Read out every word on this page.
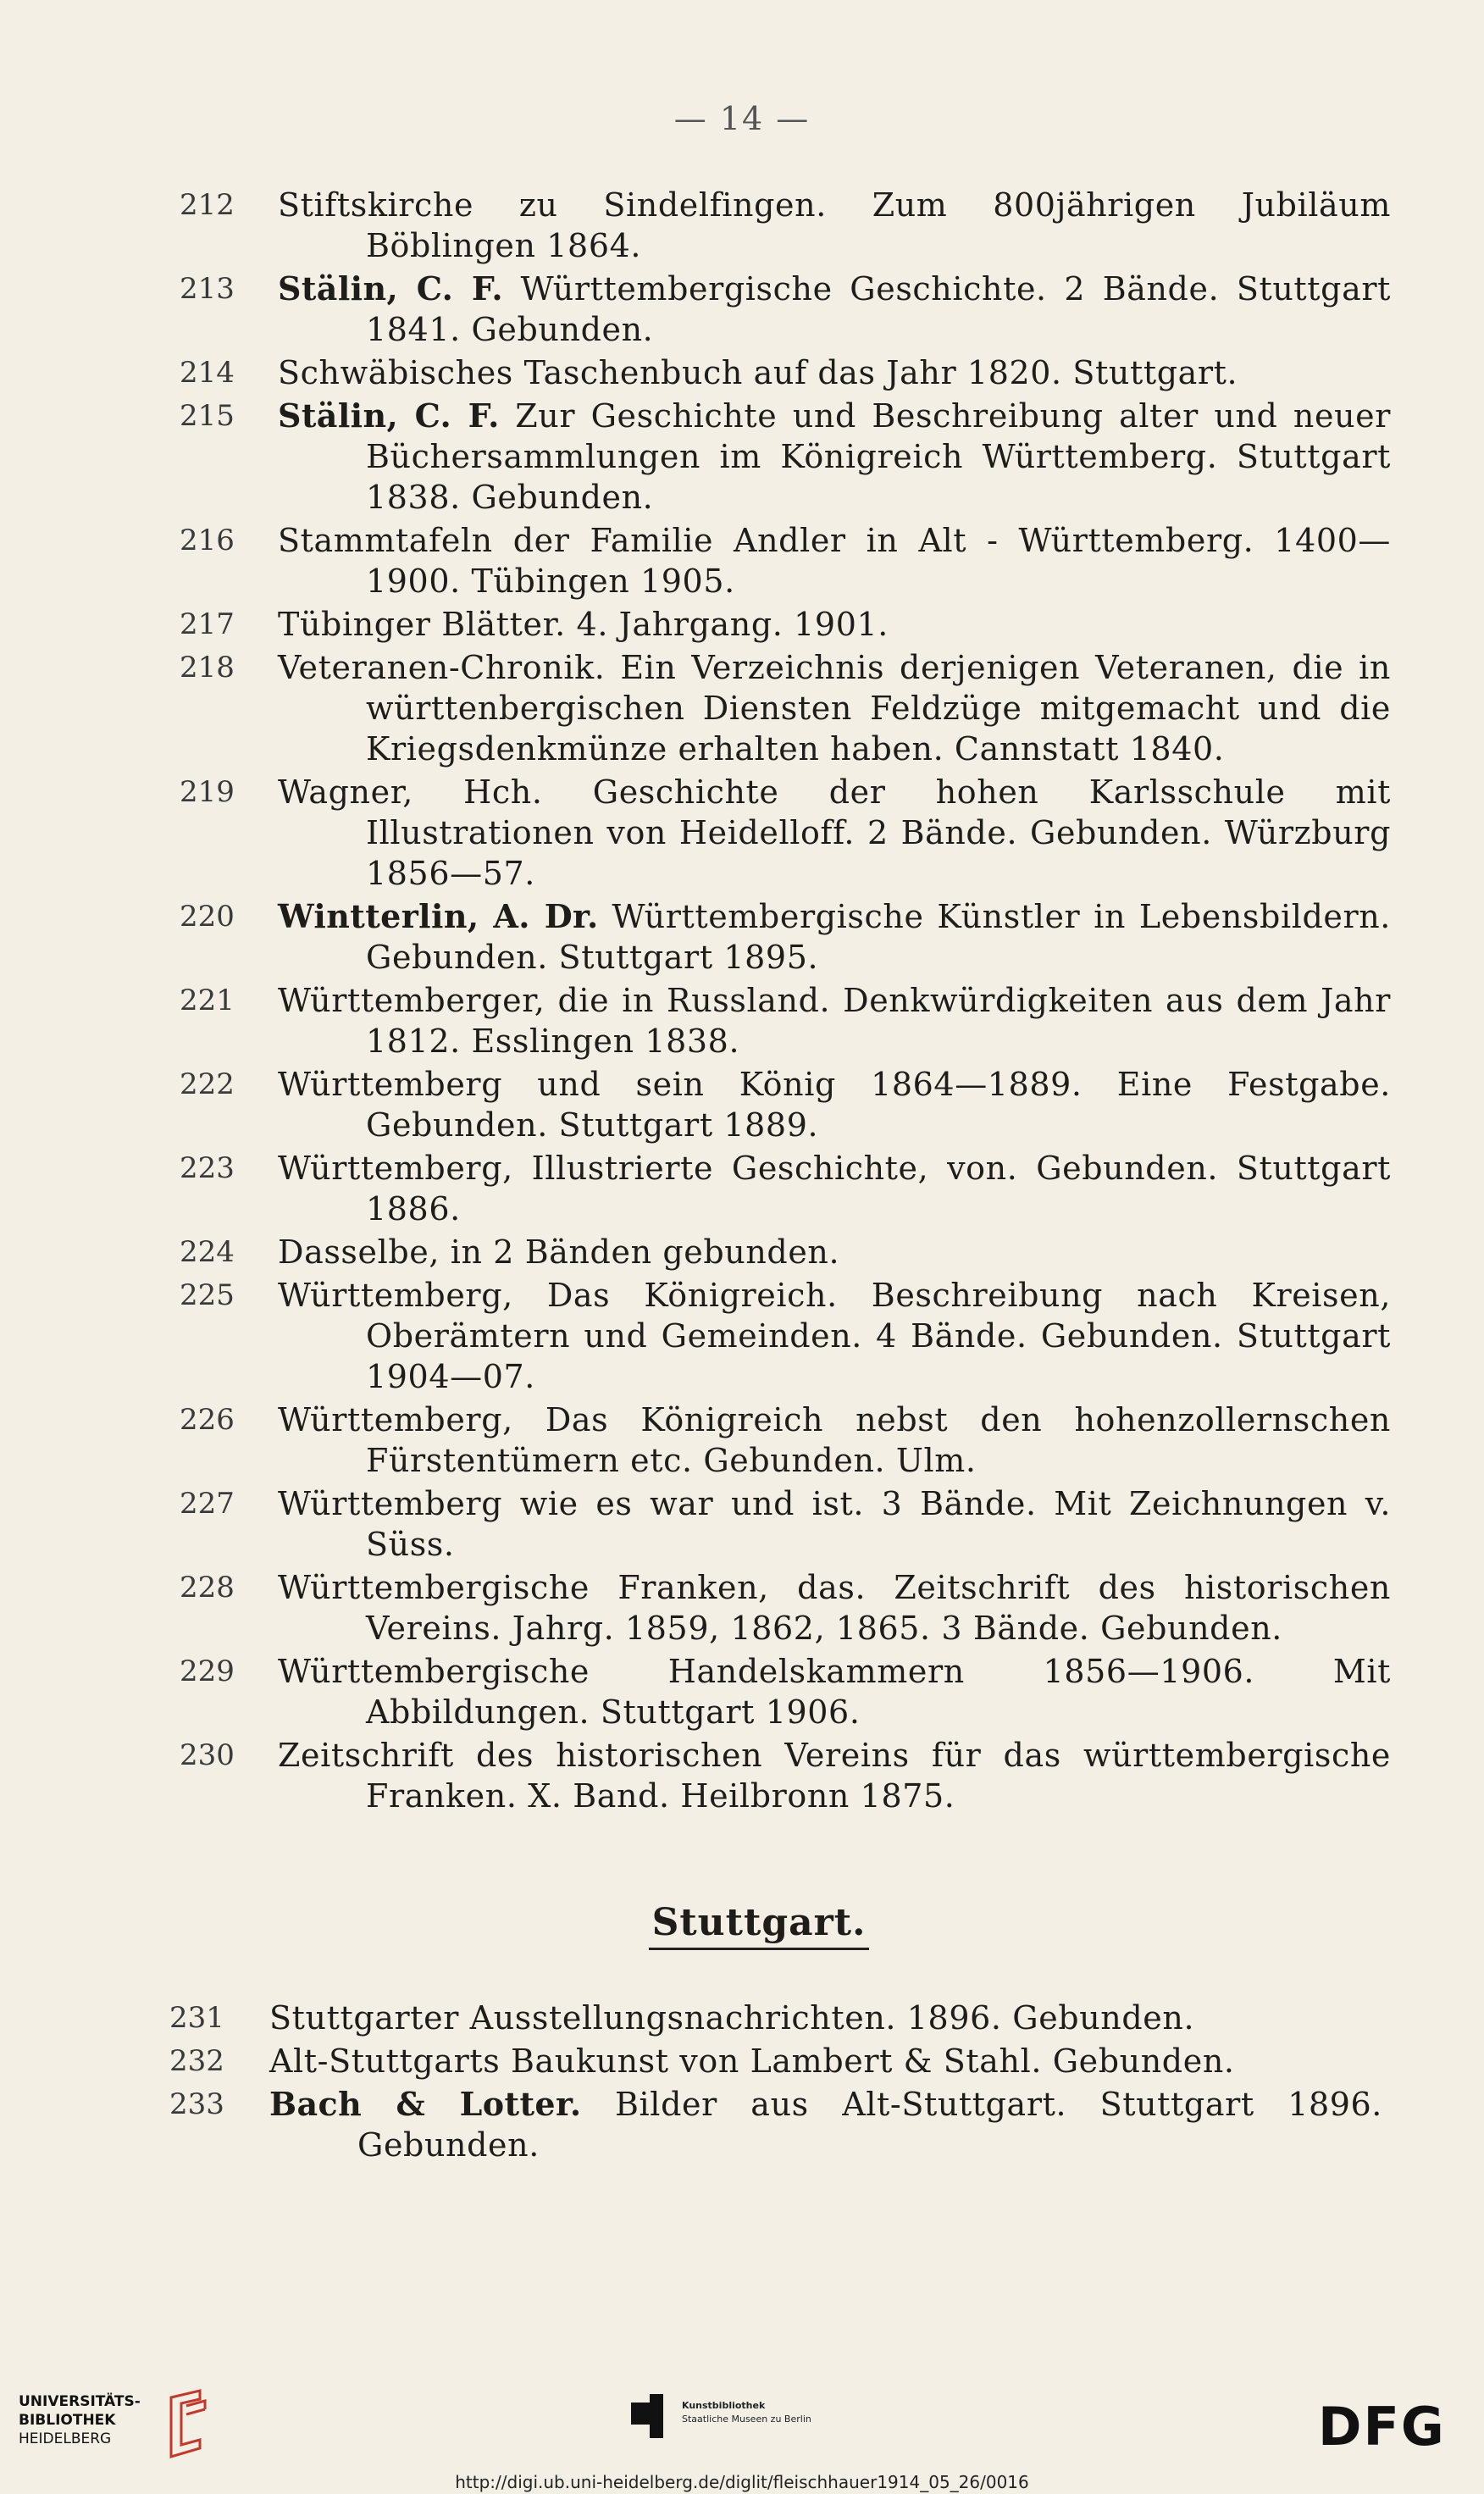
— 14 —
212	Stiftskirche zu Sindelfingen. Zum 800jährigen Jubiläum Böblingen 1864.
213	Stälin, C. F. Württembergische Geschichte. 2 Bände. Stuttgart 1841. Gebunden.
214	Schwäbisches Taschenbuch auf das Jahr 1820. Stuttgart.
215	Stälin, C. F. Zur Geschichte und Beschreibung alter und neuer Büchersammlungen im Königreich Württemberg. Stuttgart 1838. Gebunden.
216	Stammtafeln der Familie Andler in Alt - Württemberg. 1400—1900. Tübingen 1905.
217	Tübinger Blätter. 4. Jahrgang. 1901.
218	Veteranen-Chronik. Ein Verzeichnis derjenigen Veteranen, die in württenbergischen Diensten Feldzüge mitgemacht und die Kriegsdenkmünze erhalten haben. Cannstatt 1840.
219	Wagner, Hch. Geschichte der hohen Karlsschule mit Illustrationen von Heidelloff. 2 Bände. Gebunden. Würzburg 1856—57.
220	Wintterlin, A. Dr. Württembergische Künstler in Lebensbildern. Gebunden. Stuttgart 1895.
221	Württemberger, die in Russland. Denkwürdigkeiten aus dem Jahr 1812. Esslingen 1838.
222	Württemberg und sein König 1864—1889. Eine Festgabe. Gebunden. Stuttgart 1889.
223	Württemberg, Illustrierte Geschichte, von. Gebunden. Stuttgart 1886.
224	Dasselbe, in 2 Bänden gebunden.
225	Württemberg, Das Königreich. Beschreibung nach Kreisen, Oberämtern und Gemeinden. 4 Bände. Gebunden. Stuttgart 1904—07.
226	Württemberg, Das Königreich nebst den hohenzollernschen Fürstentümern etc. Gebunden. Ulm.
227	Württemberg wie es war und ist. 3 Bände. Mit Zeichnungen v. Süss.
228	Württembergische Franken, das. Zeitschrift des historischen Vereins. Jahrg. 1859, 1862, 1865. 3 Bände. Gebunden.
229	Württembergische Handelskammern 1856—1906. Mit Abbildungen. Stuttgart 1906.
230	Zeitschrift des historischen Vereins für das württembergische Franken. X. Band. Heilbronn 1875.
Stuttgart.
231	Stuttgarter Ausstellungsnachrichten. 1896. Gebunden.
232	Alt-Stuttgarts Baukunst von Lambert & Stahl. Gebunden.
233	Bach & Lotter. Bilder aus Alt-Stuttgart. Stuttgart 1896. Gebunden.
UNIVERSITÄTS-
BIBLIOTHEK
HEIDELBERG
Kunstbibliothek
Staatliche Museen zu Berlin	DFG
http://digi.ub.uni-heidelberg.de/diglit/fleischhauer1914_05_26/0016
